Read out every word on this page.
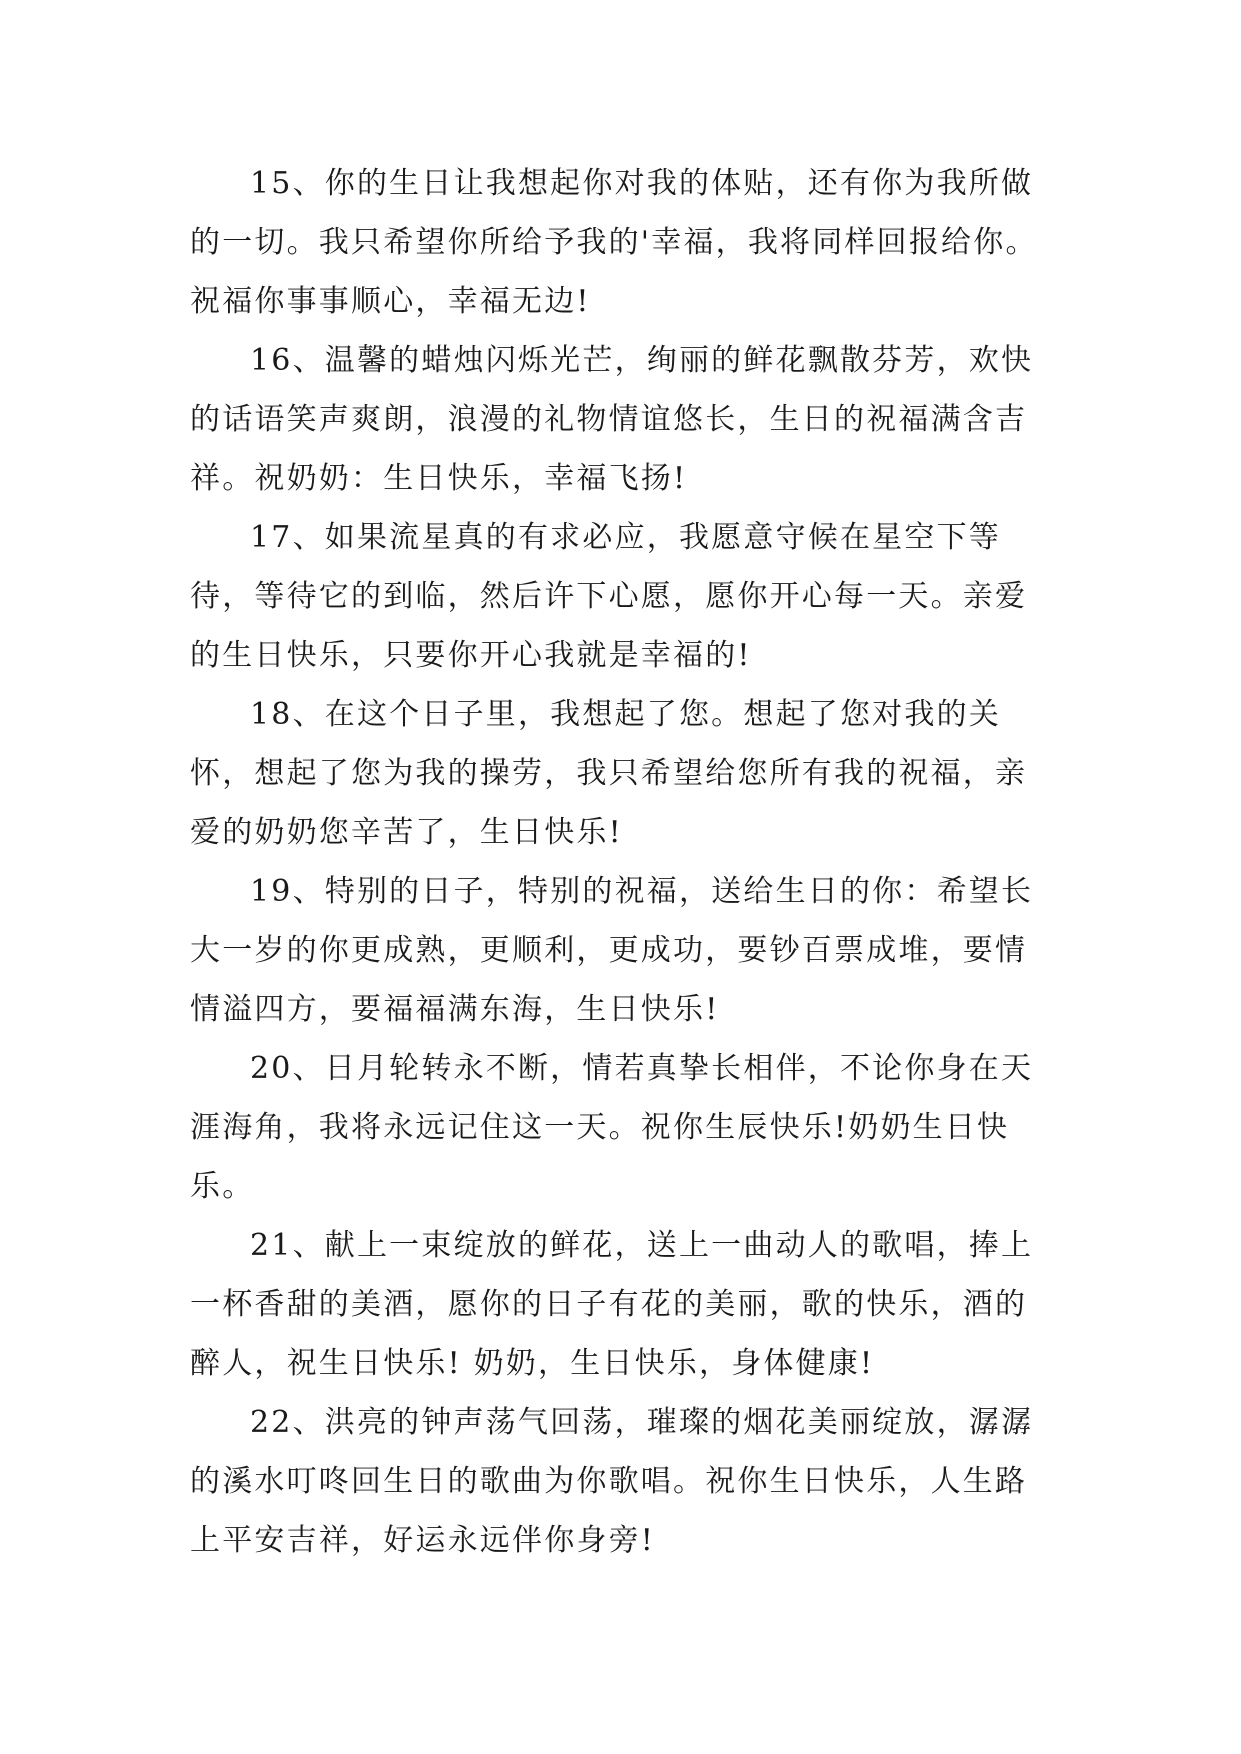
15、你的生日让我想起你对我的体贴，还有你为我所做的一切。我只希望你所给予我的'幸福，我将同样回报给你。祝福你事事顺心，幸福无边!

16、温馨的蜡烛闪烁光芒，绚丽的鲜花飘散芬芳，欢快的话语笑声爽朗，浪漫的礼物情谊悠长，生日的祝福满含吉祥。祝奶奶：生日快乐，幸福飞扬!

17、如果流星真的有求必应，我愿意守候在星空下等待，等待它的到临，然后许下心愿，愿你开心每一天。亲爱的生日快乐，只要你开心我就是幸福的!

18、在这个日子里，我想起了您。想起了您对我的关怀，想起了您为我的操劳，我只希望给您所有我的祝福，亲爱的奶奶您辛苦了，生日快乐!

19、特别的日子，特别的祝福，送给生日的你：希望长大一岁的你更成熟，更顺利，更成功，要钞百票成堆，要情情溢四方，要福福满东海，生日快乐!

20、日月轮转永不断，情若真挚长相伴，不论你身在天涯海角，我将永远记住这一天。祝你生辰快乐!奶奶生日快乐。

21、献上一束绽放的鲜花，送上一曲动人的歌唱，捧上一杯香甜的美酒，愿你的日子有花的美丽，歌的快乐，酒的醉人，祝生日快乐! 奶奶，生日快乐，身体健康!

22、洪亮的钟声荡气回荡，璀璨的烟花美丽绽放，潺潺的溪水叮咚回生日的歌曲为你歌唱。祝你生日快乐，人生路上平安吉祥，好运永远伴你身旁!
